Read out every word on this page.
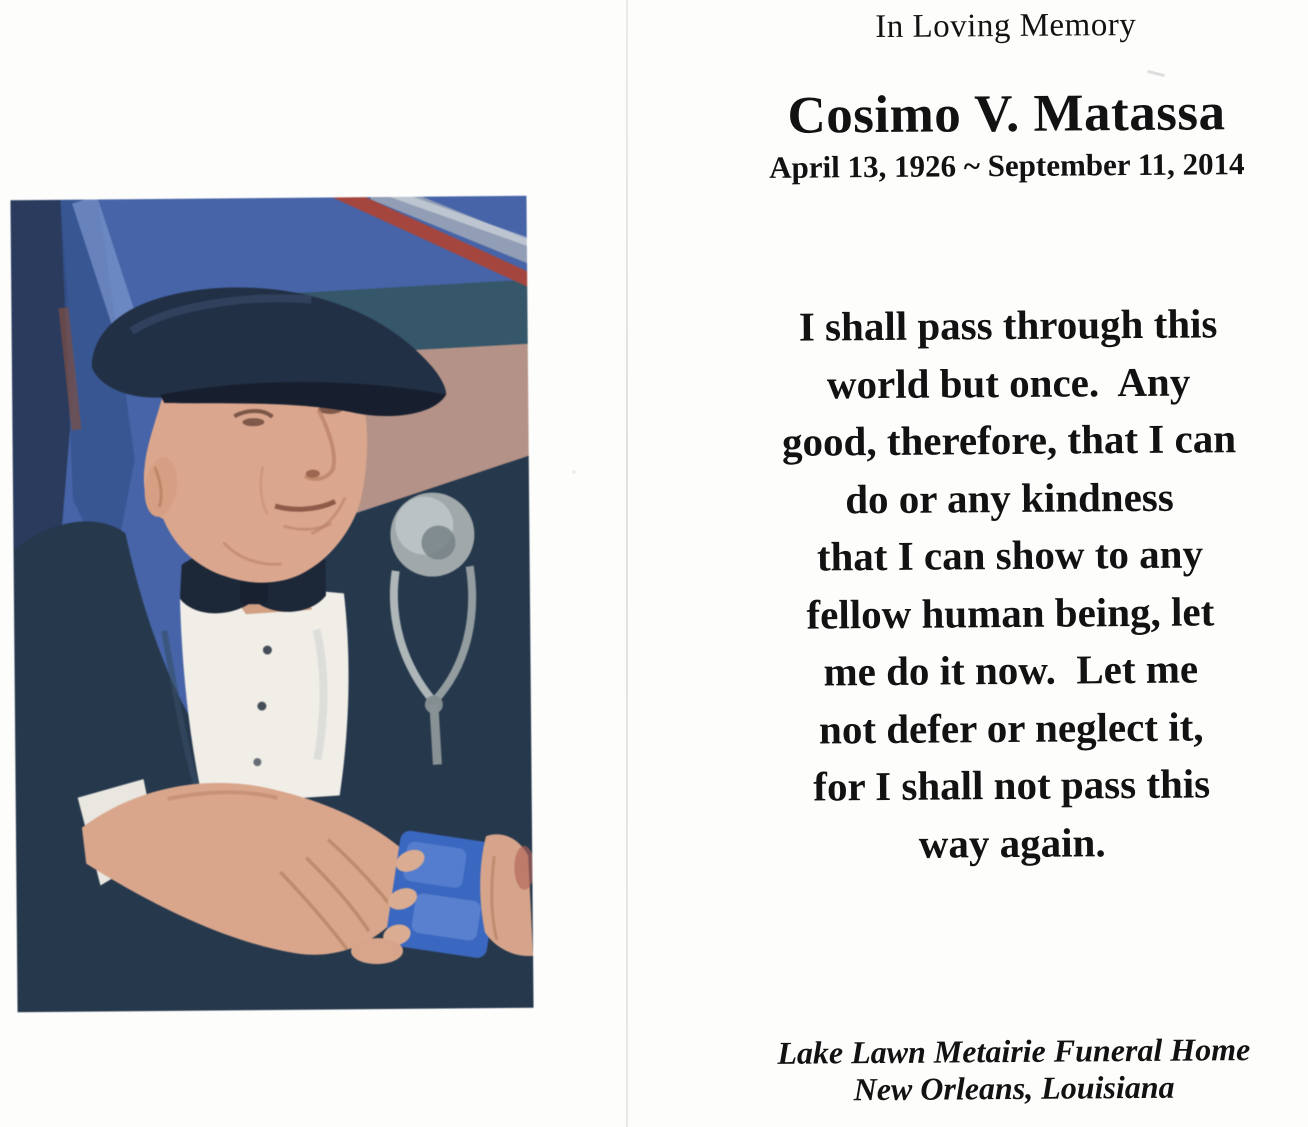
In Loving Memory
Cosimo V. Matassa
April 13, 1926 ~ September 11, 2014
I shall pass through this
world but once.  Any
good, therefore, that I can
do or any kindness
that I can show to any
fellow human being, let
me do it now.  Let me
not defer or neglect it,
for I shall not pass this
way again.
Lake Lawn Metairie Funeral Home
New Orleans, Louisiana
